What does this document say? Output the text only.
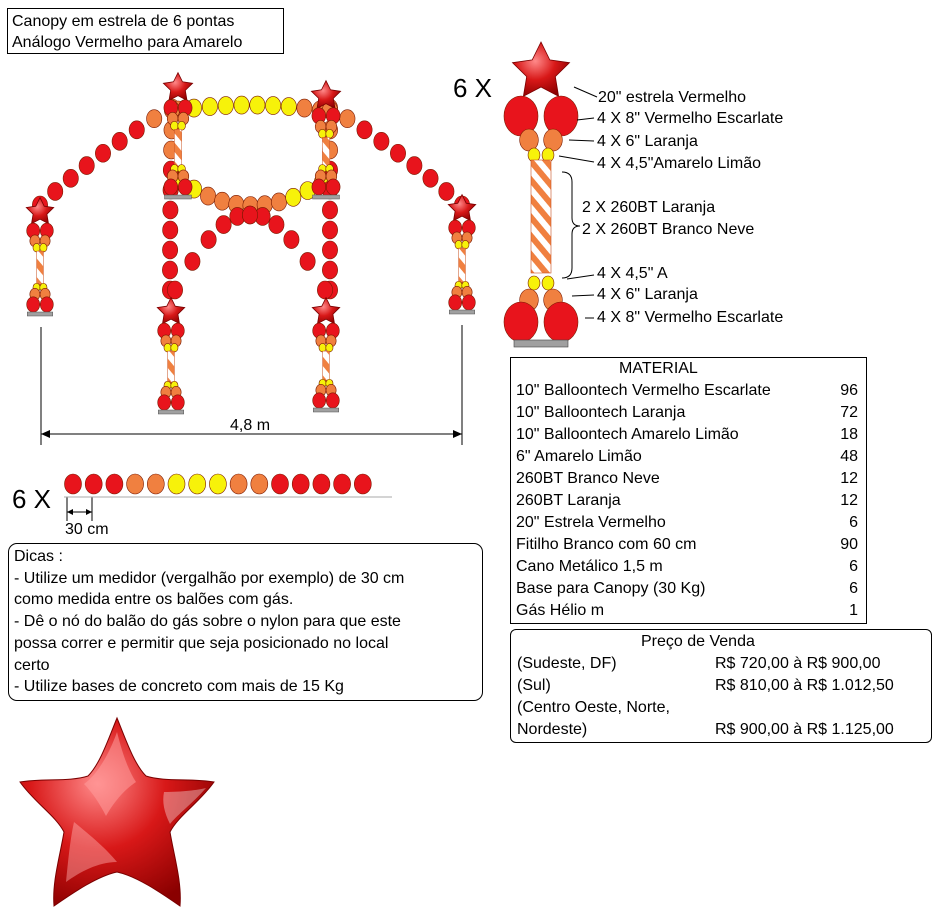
Canopy em estrela de 6 pontas
Análogo Vermelho para Amarelo
6 X
6 X
20" estrela Vermelho
4 X 8" Vermelho Escarlate
4 X 6" Laranja
4 X 4,5"Amarelo Limão
2 X 260BT Laranja
2 X 260BT Branco Neve
4 X 4,5" A
4 X 6" Laranja
4 X 8" Vermelho Escarlate
4,8 m
30 cm
Dicas :
- Utilize um medidor (vergalhão por exemplo) de 30 cm
como medida entre os balões com gás.
- Dê o nó do balão do gás sobre o nylon para que este
possa correr e permitir que seja posicionado no local
certo
- Utilize bases de concreto com mais de 15 Kg
MATERIAL
10" Balloontech Vermelho Escarlate	96
10" Balloontech Laranja	72
10" Balloontech Amarelo Limão	18
6" Amarelo Limão	48
260BT Branco Neve	12
260BT Laranja	12
20" Estrela Vermelho	6
Fitilho Branco com 60 cm	90
Cano Metálico 1,5 m	6
Base para Canopy (30 Kg)	6
Gás Hélio m	1
Preço de Venda
(Sudeste, DF)	R$ 720,00 à R$ 900,00
(Sul)	R$ 810,00 à R$ 1.012,50
(Centro Oeste, Norte,
Nordeste)	R$ 900,00 à R$ 1.125,00
